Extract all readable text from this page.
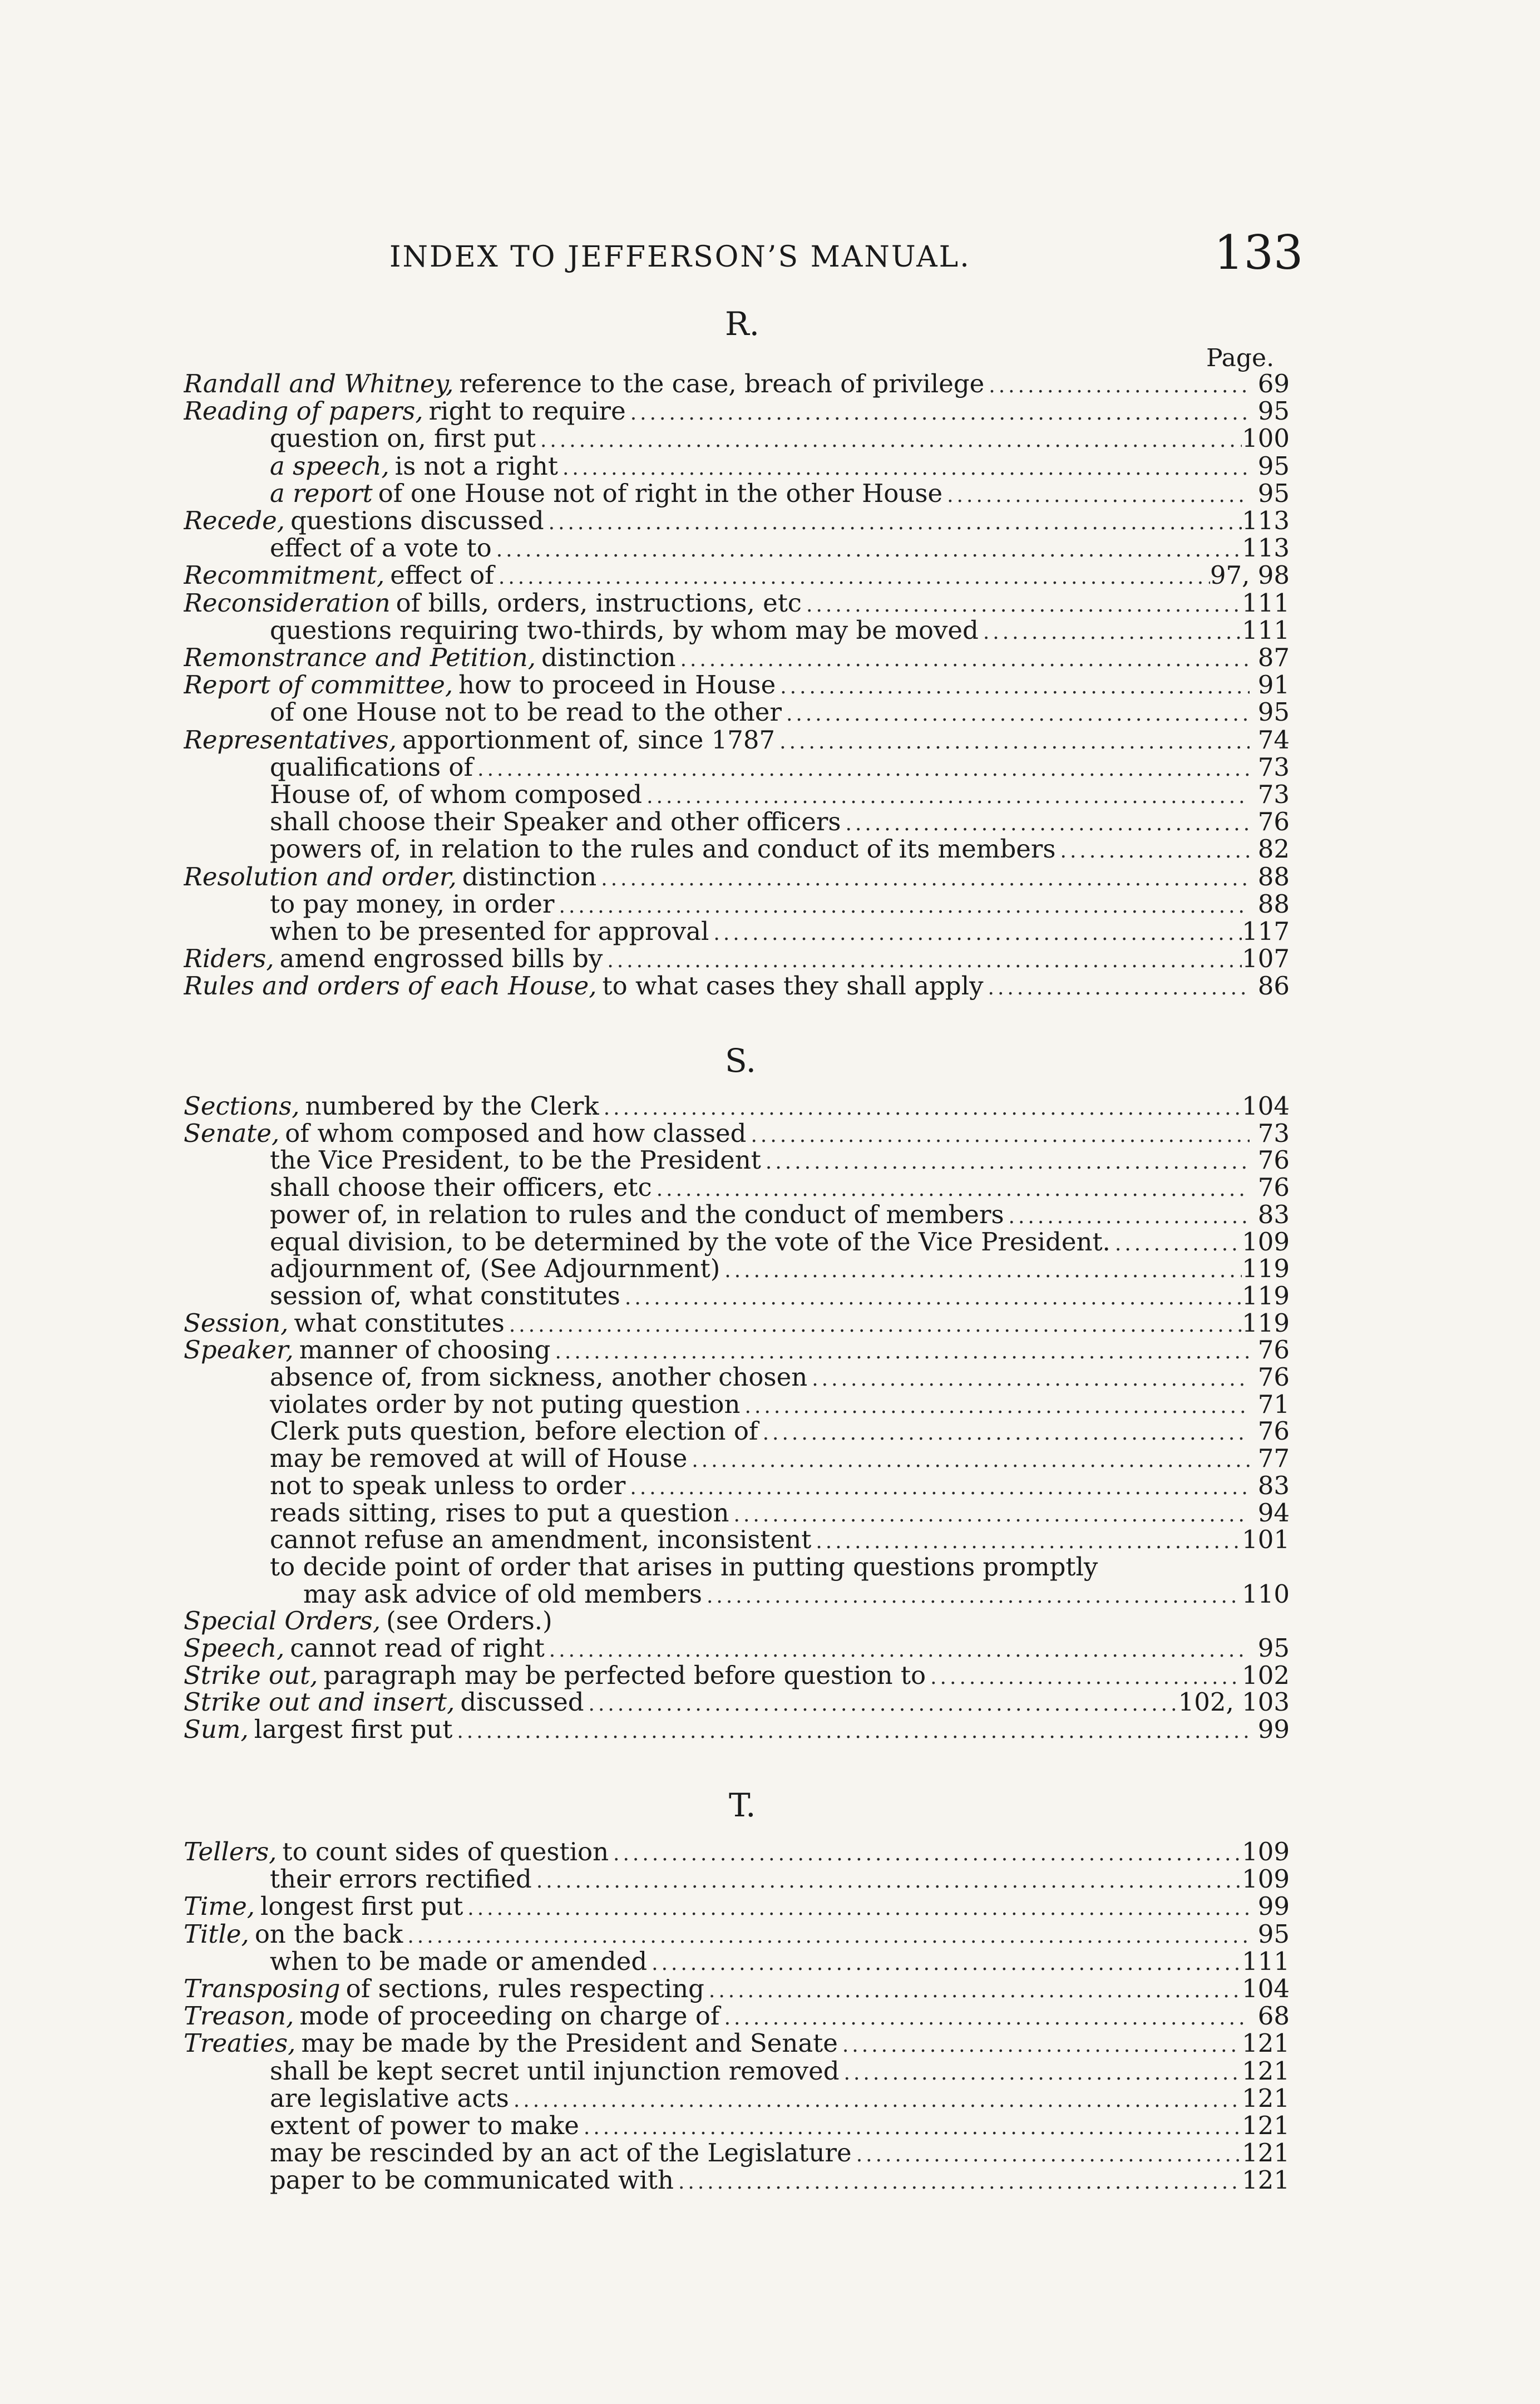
INDEX TO JEFFERSON’S MANUAL.	133
Page.
R.
Randall and Whitney, reference to the case, breach of privilege .....	69
Reading of papers, right to require .....	95
question on, first put .....	100
a speech, is not a right .....	95
a report of one House not of right in the other House .....	95
Recede, questions discussed .....	113
effect of a vote to .....	113
Recommitment, effect of .....	97, 98
Reconsideration of bills, orders, instructions, etc .....	111
questions requiring two-thirds, by whom may be moved .....	111
Remonstrance and Petition, distinction .....	87
Report of committee, how to proceed in House .....	91
of one House not to be read to the other .....	95
Representatives, apportionment of, since 1787 .....	74
qualifications of .....	73
House of, of whom composed .....	73
shall choose their Speaker and other officers .....	76
powers of, in relation to the rules and conduct of its members .....	82
Resolution and order, distinction .....	88
to pay money, in order .....	88
when to be presented for approval .....	117
Riders, amend engrossed bills by .....	107
Rules and orders of each House, to what cases they shall apply .....	86
S.
Sections, numbered by the Clerk .....	104
Senate, of whom composed and how classed .....	73
the Vice President, to be the President .....	76
shall choose their officers, etc .....	76
power of, in relation to rules and the conduct of members .....	83
equal division, to be determined by the vote of the Vice President. .....	109
adjournment of, (See Adjournment) .....	119
session of, what constitutes .....	119
Session, what constitutes .....	119
Speaker, manner of choosing .....	76
absence of, from sickness, another chosen .....	76
violates order by not puting question .....	71
Clerk puts question, before election of .....	76
may be removed at will of House .....	77
not to speak unless to order .....	83
reads sitting, rises to put a question .....	94
cannot refuse an amendment, inconsistent .....	101
to decide point of order that arises in putting questions promptly
may ask advice of old members .....	110
Special Orders, (see Orders.)
Speech, cannot read of right .....	95
Strike out, paragraph may be perfected before question to .....	102
Strike out and insert, discussed .....	102, 103
Sum, largest first put .....	99
T.
Tellers, to count sides of question .....	109
their errors rectified .....	109
Time, longest first put .....	99
Title, on the back .....	95
when to be made or amended .....	111
Transposing of sections, rules respecting .....	104
Treason, mode of proceeding on charge of .....	68
Treaties, may be made by the President and Senate .....	121
shall be kept secret until injunction removed .....	121
are legislative acts .....	121
extent of power to make .....	121
may be rescinded by an act of the Legislature .....	121
paper to be communicated with .....	121
